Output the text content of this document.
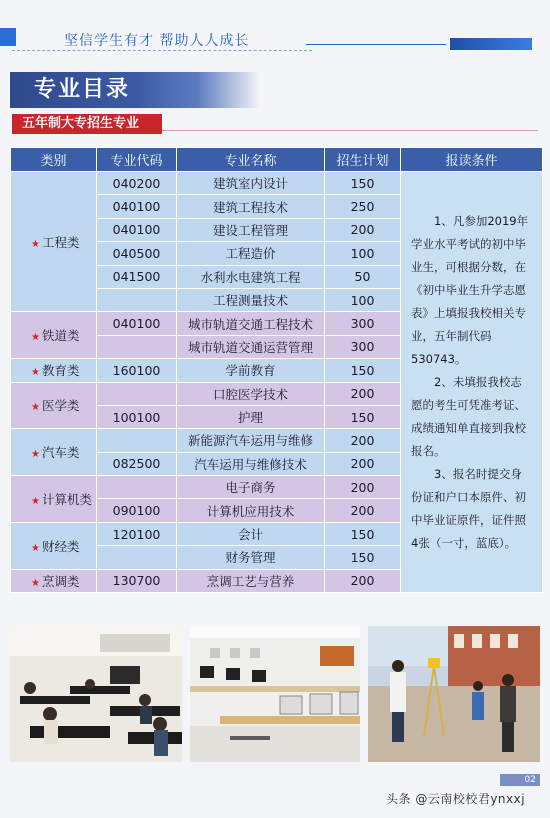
坚信学生有才 帮助人人成长
专业目录
五年制大专招生专业
类别	专业代码	专业名称	招生计划	报读条件
★ 工程类	040200	建筑室内设计	150	1、凡参加2019年学业水平考试的初中毕业生，可根据分数，在《初中毕业生升学志愿表》上填报我校相关专业，五年制代码530743。

2、未填报我校志愿的考生可凭准考证、成绩通知单直接到我校报名。

3、报名时提交身份证和户口本原件、初中毕业证原件，证件照4张（一寸，蓝底）。

	040100	建筑工程技术	250	
	040100	建设工程管理	200	
	040500	工程造价	100	
	041500	水利水电建筑工程	50	
		工程测量技术	100	
★ 铁道类	040100	城市轨道交通工程技术	300	
		城市轨道交通运营管理	300	
★ 教育类	160100	学前教育	150	
★ 医学类		口腔医学技术	200	
	100100	护理	150	
★ 汽车类		新能源汽车运用与维修	200	
	082500	汽车运用与维修技术	200	
★ 计算机类		电子商务	200	
	090100	计算机应用技术	200	
★ 财经类	120100	会计	150	
		财务管理	150	
★ 烹调类	130700	烹调工艺与营养	200	
02
头条 @云南校校君ynxxj
